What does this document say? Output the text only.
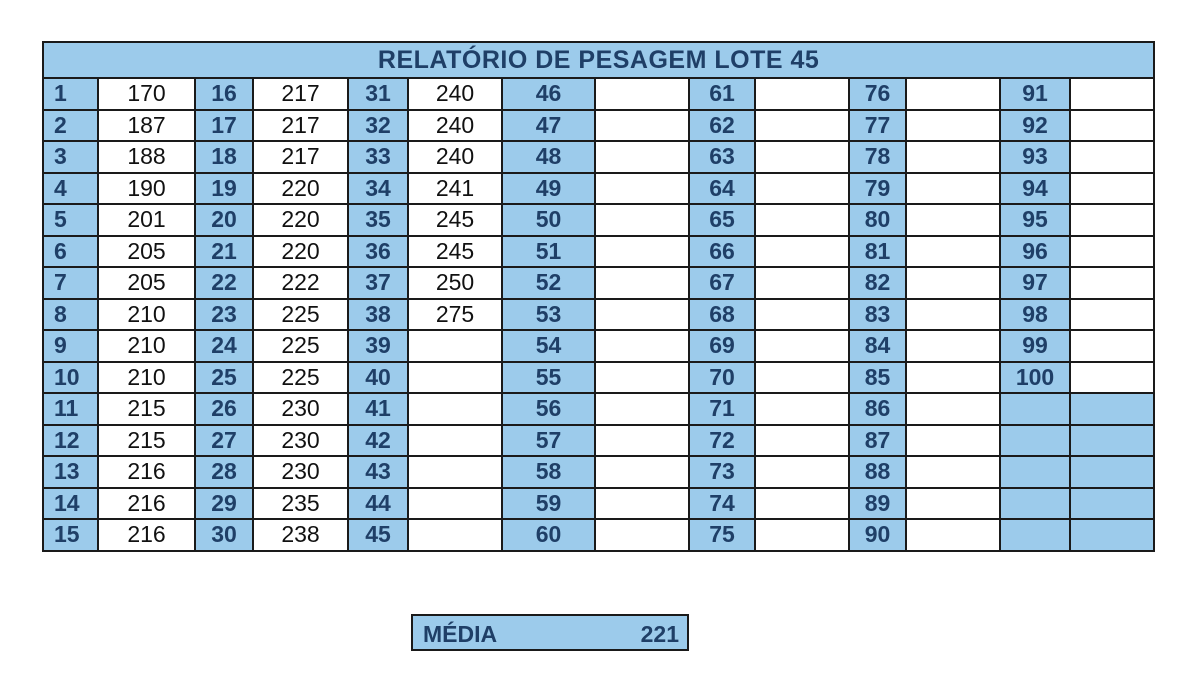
RELATÓRIO DE PESAGEM LOTE 45													
1	170	16	217	31	240	46		61		76		91	
2	187	17	217	32	240	47		62		77		92	
3	188	18	217	33	240	48		63		78		93	
4	190	19	220	34	241	49		64		79		94	
5	201	20	220	35	245	50		65		80		95	
6	205	21	220	36	245	51		66		81		96	
7	205	22	222	37	250	52		67		82		97	
8	210	23	225	38	275	53		68		83		98	
9	210	24	225	39		54		69		84		99	
10	210	25	225	40		55		70		85		100	
11	215	26	230	41		56		71		86			
12	215	27	230	42		57		72		87			
13	216	28	230	43		58		73		88			
14	216	29	235	44		59		74		89			
15	216	30	238	45		60		75		90			
MÉDIA	221
